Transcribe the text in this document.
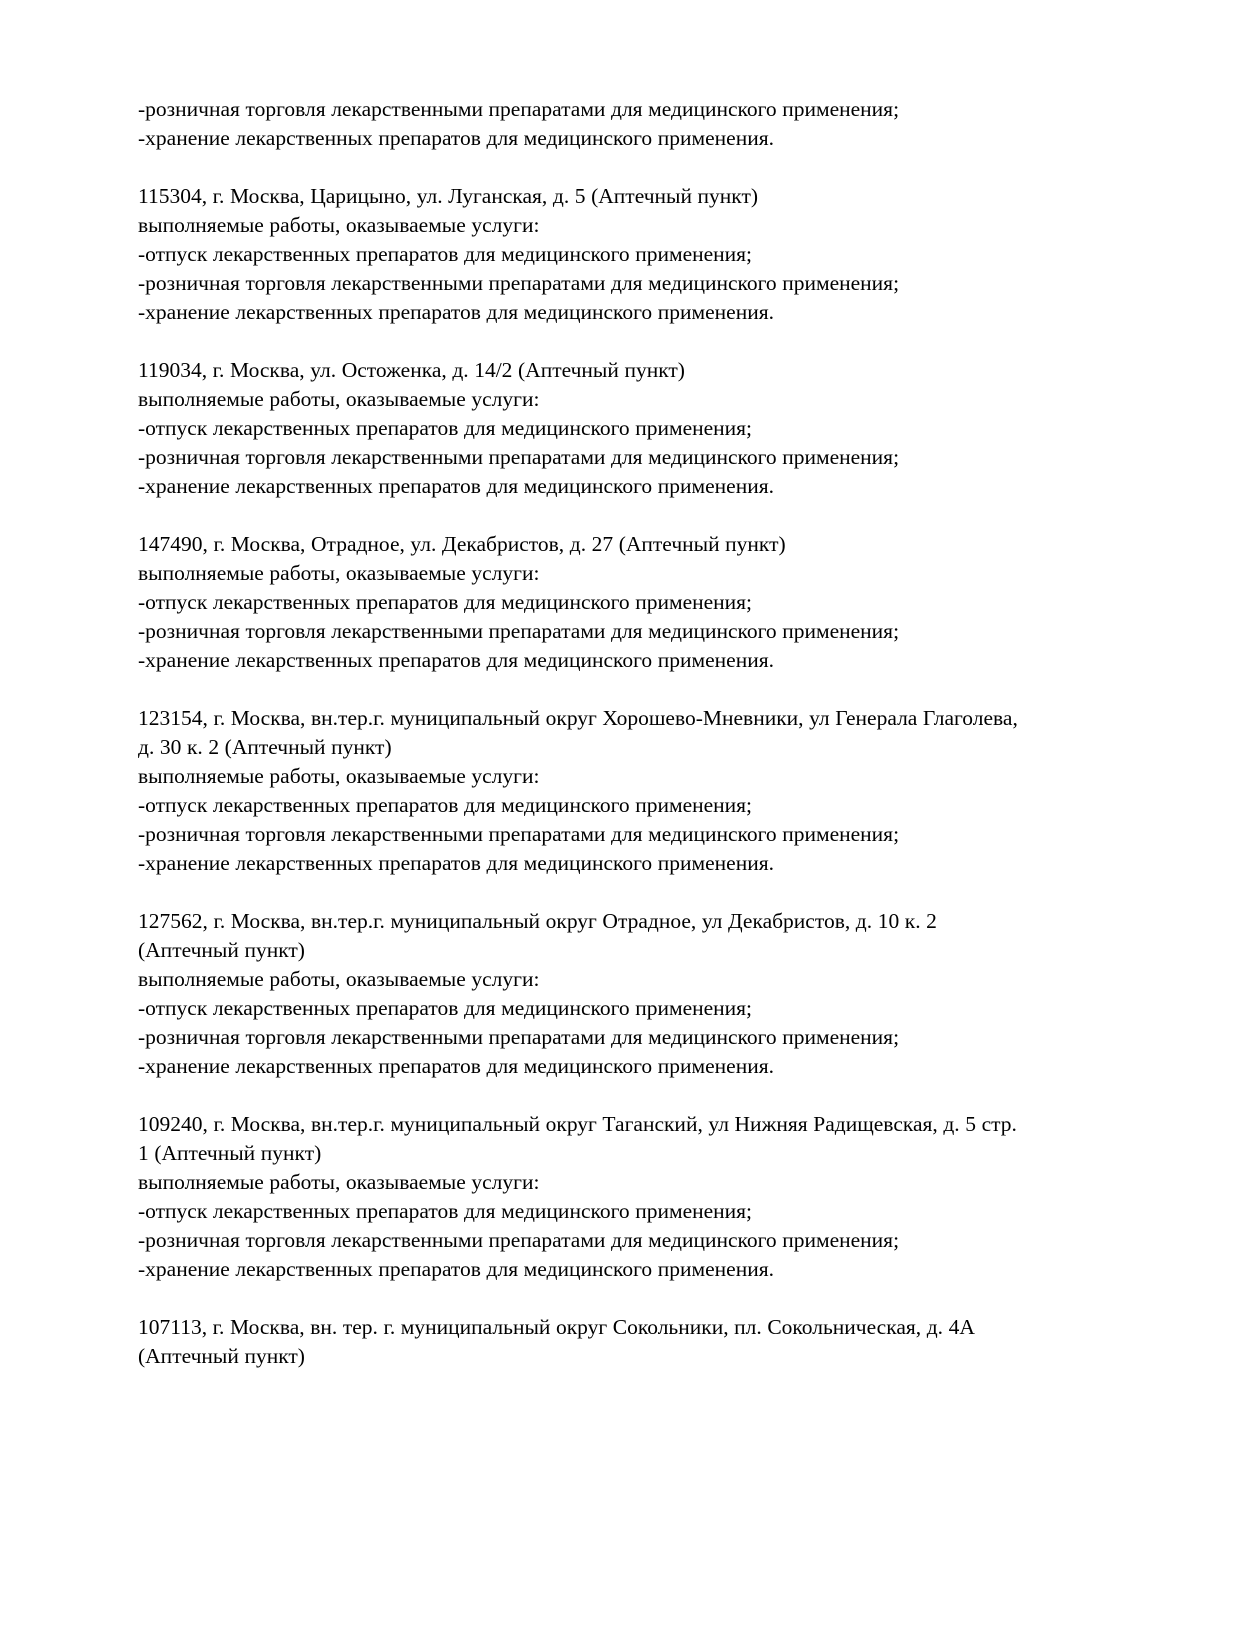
-розничная торговля лекарственными препаратами для медицинского применения;

-хранение лекарственных препаратов для медицинского применения.

115304, г. Москва, Царицыно, ул. Луганская, д. 5 (Аптечный пункт)

выполняемые работы, оказываемые услуги:

-отпуск лекарственных препаратов для медицинского применения;

-розничная торговля лекарственными препаратами для медицинского применения;

-хранение лекарственных препаратов для медицинского применения.

119034, г. Москва, ул. Остоженка, д. 14/2 (Аптечный пункт)

выполняемые работы, оказываемые услуги:

-отпуск лекарственных препаратов для медицинского применения;

-розничная торговля лекарственными препаратами для медицинского применения;

-хранение лекарственных препаратов для медицинского применения.

147490, г. Москва, Отрадное, ул. Декабристов, д. 27 (Аптечный пункт)

выполняемые работы, оказываемые услуги:

-отпуск лекарственных препаратов для медицинского применения;

-розничная торговля лекарственными препаратами для медицинского применения;

-хранение лекарственных препаратов для медицинского применения.

123154, г. Москва, вн.тер.г. муниципальный округ Хорошево-Мневники, ул Генерала Глаголева,

д. 30 к. 2 (Аптечный пункт)

выполняемые работы, оказываемые услуги:

-отпуск лекарственных препаратов для медицинского применения;

-розничная торговля лекарственными препаратами для медицинского применения;

-хранение лекарственных препаратов для медицинского применения.

127562, г. Москва, вн.тер.г. муниципальный округ Отрадное, ул Декабристов, д. 10 к. 2

(Аптечный пункт)

выполняемые работы, оказываемые услуги:

-отпуск лекарственных препаратов для медицинского применения;

-розничная торговля лекарственными препаратами для медицинского применения;

-хранение лекарственных препаратов для медицинского применения.

109240, г. Москва, вн.тер.г. муниципальный округ Таганский, ул Нижняя Радищевская, д. 5 стр.

1 (Аптечный пункт)

выполняемые работы, оказываемые услуги:

-отпуск лекарственных препаратов для медицинского применения;

-розничная торговля лекарственными препаратами для медицинского применения;

-хранение лекарственных препаратов для медицинского применения.

107113, г. Москва, вн. тер. г. муниципальный округ Сокольники, пл. Сокольническая, д. 4А

(Аптечный пункт)
